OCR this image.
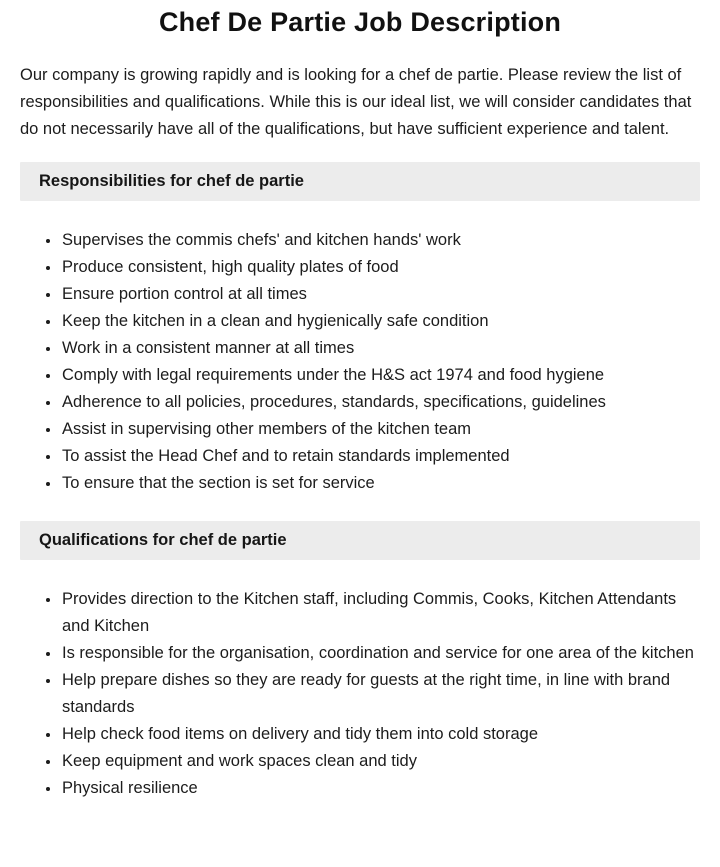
Chef De Partie Job Description

Our company is growing rapidly and is looking for a chef de partie. Please review the list of responsibilities and qualifications. While this is our ideal list, we will consider candidates that do not necessarily have all of the qualifications, but have sufficient experience and talent.

Responsibilities for chef de partie
• Supervises the commis chefs' and kitchen hands' work
• Produce consistent, high quality plates of food
• Ensure portion control at all times
• Keep the kitchen in a clean and hygienically safe condition
• Work in a consistent manner at all times
• Comply with legal requirements under the H&S act 1974 and food hygiene
• Adherence to all policies, procedures, standards, specifications, guidelines
• Assist in supervising other members of the kitchen team
• To assist the Head Chef and to retain standards implemented
• To ensure that the section is set for service
Qualifications for chef de partie
• Provides direction to the Kitchen staff, including Commis, Cooks, Kitchen Attendants and Kitchen
• Is responsible for the organisation, coordination and service for one area of the kitchen
• Help prepare dishes so they are ready for guests at the right time, in line with brand standards
• Help check food items on delivery and tidy them into cold storage
• Keep equipment and work spaces clean and tidy
• Physical resilience
